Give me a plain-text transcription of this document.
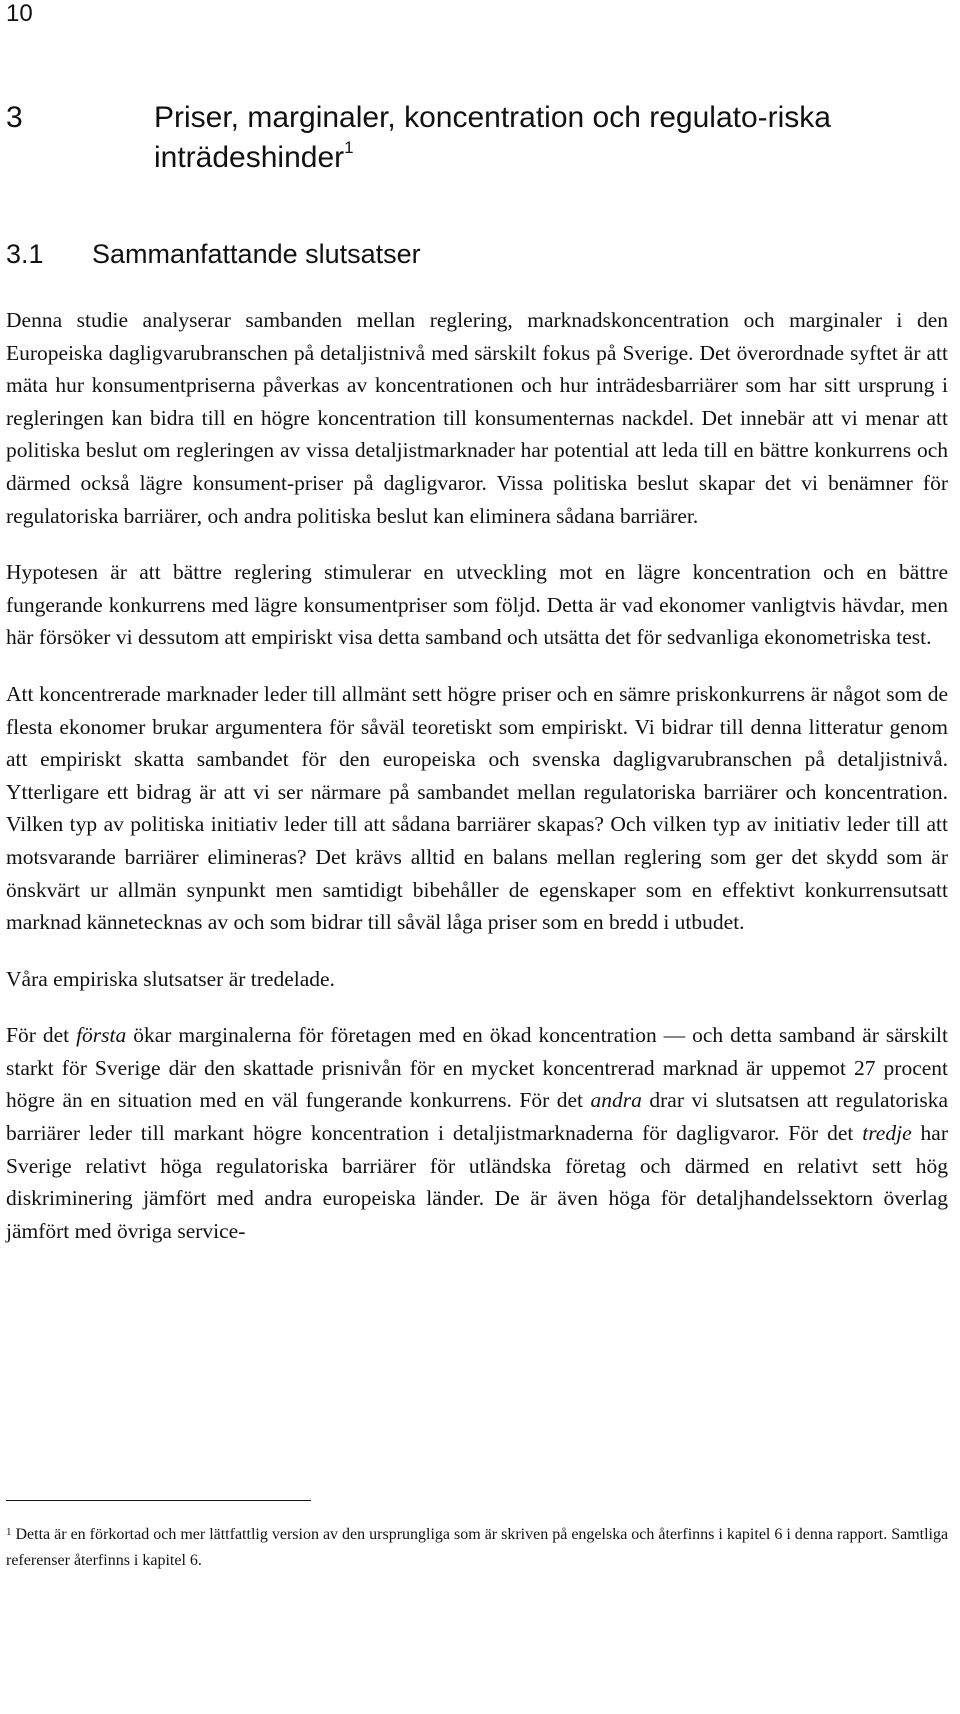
10
3	Priser, marginaler, koncentration och regulato-riska inträdeshinder$^1$
3.1 Sammanfattande slutsatser

Denna studie analyserar sambanden mellan reglering, marknadskoncentration och marginaler i den Europeiska dagligvarubranschen på detaljistnivå med särskilt fokus på Sverige. Det överordnade syftet är att mäta hur konsumentpriserna påverkas av koncentrationen och hur inträdesbarriärer som har sitt ursprung i regleringen kan bidra till en högre koncentration till konsumenternas nackdel. Det innebär att vi menar att politiska beslut om regleringen av vissa detaljistmarknader har potential att leda till en bättre konkurrens och därmed också lägre konsument-priser på dagligvaror. Vissa politiska beslut skapar det vi benämner för regulatoriska barriärer, och andra politiska beslut kan eliminera sådana barriärer.

Hypotesen är att bättre reglering stimulerar en utveckling mot en lägre koncentration och en bättre fungerande konkurrens med lägre konsumentpriser som följd. Detta är vad ekonomer vanligtvis hävdar, men här försöker vi dessutom att empiriskt visa detta samband och utsätta det för sedvanliga ekonometriska test.

Att koncentrerade marknader leder till allmänt sett högre priser och en sämre priskonkurrens är något som de flesta ekonomer brukar argumentera för såväl teoretiskt som empiriskt. Vi bidrar till denna litteratur genom att empiriskt skatta sambandet för den europeiska och svenska dagligvarubranschen på detaljistnivå. Ytterligare ett bidrag är att vi ser närmare på sambandet mellan regulatoriska barriärer och koncentration. Vilken typ av politiska initiativ leder till att sådana barriärer skapas? Och vilken typ av initiativ leder till att motsvarande barriärer elimineras? Det krävs alltid en balans mellan reglering som ger det skydd som är önskvärt ur allmän synpunkt men samtidigt bibehåller de egenskaper som en effektivt konkurrensutsatt marknad kännetecknas av och som bidrar till såväl låga priser som en bredd i utbudet.

Våra empiriska slutsatser är tredelade.

För det första ökar marginalerna för företagen med en ökad koncentration — och detta samband är särskilt starkt för Sverige där den skattade prisnivån för en mycket koncentrerad marknad är uppemot 27 procent högre än en situation med en väl fungerande konkurrens. För det andra drar vi slutsatsen att regulatoriska barriärer leder till markant högre koncentration i detaljistmarknaderna för dagligvaror. För det tredje har Sverige relativt höga regulatoriska barriärer för utländska företag och därmed en relativt sett hög diskriminering jämfört med andra europeiska länder. De är även höga för detaljhandelssektorn överlag jämfört med övriga service-

$^1$ Detta är en förkortad och mer lättfattlig version av den ursprungliga som är skriven på engelska och återfinns i kapitel 6 i denna rapport. Samtliga referenser återfinns i kapitel 6.
